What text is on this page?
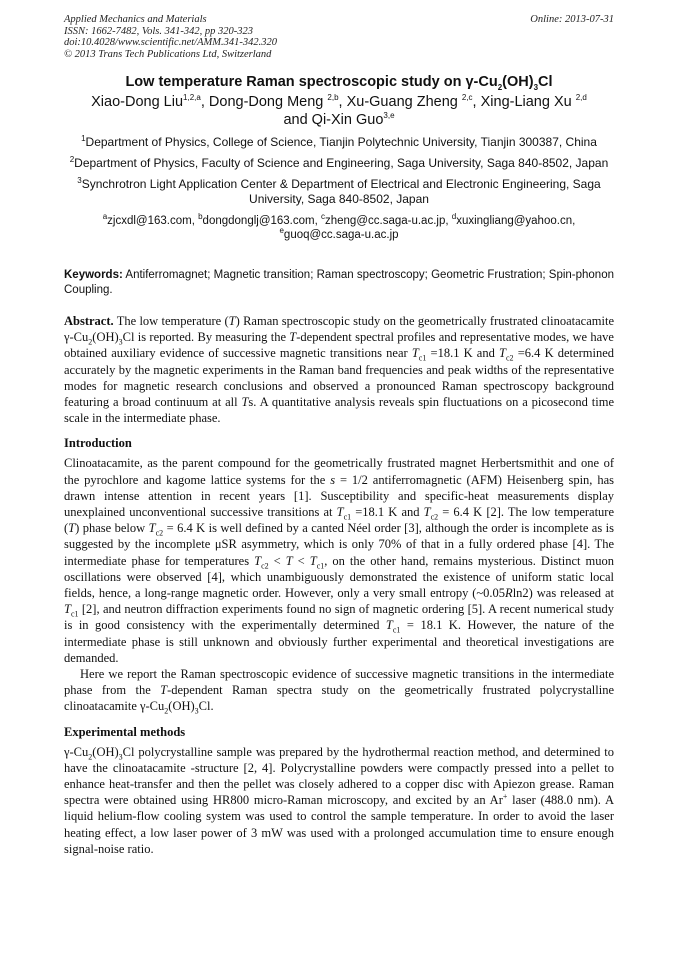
Applied Mechanics and Materials
ISSN: 1662-7482, Vols. 341-342, pp 320-323
doi:10.4028/www.scientific.net/AMM.341-342.320
© 2013 Trans Tech Publications Ltd, Switzerland
Online: 2013-07-31
Low temperature Raman spectroscopic study on $\gamma-Cu_2(OH)_3Cl$
Xiao-Dong Liu$^{1,2,a}$, Dong-Dong Meng $^{2,b}$, Xu-Guang Zheng $^{2,c}$, Xing-Liang Xu $^{2,d}$
and Qi-Xin Guo$^{3,e}$
$^1$Department of Physics, College of Science, Tianjin Polytechnic University, Tianjin 300387, China
$^2$Department of Physics, Faculty of Science and Engineering, Saga University, Saga 840-8502, Japan
$^3$Synchrotron Light Application Center & Department of Electrical and Electronic Engineering, Saga University, Saga 840-8502, Japan
$^a$zjcxdl@163.com, $^b$dongdonglj@163.com, $^c$zheng@cc.saga-u.ac.jp, $^d$xuxingliang@yahoo.cn,
$^e$guoq@cc.saga-u.ac.jp
Keywords: Antiferromagnet; Magnetic transition; Raman spectroscopy; Geometric Frustration; Spin-phonon Coupling.
Abstract. The low temperature (T) Raman spectroscopic study on the geometrically frustrated clinoatacamite $\gamma-Cu_2(OH)_3Cl$ is reported. By measuring the T-dependent spectral profiles and representative modes, we have obtained auxiliary evidence of successive magnetic transitions near $T_{c1} =18.1$ K and $T_{c2} =6.4$ K determined accurately by the magnetic experiments in the Raman band frequencies and peak widths of the representative modes for magnetic research conclusions and observed a pronounced Raman spectroscopy background featuring a broad continuum at all Ts. A quantitative analysis reveals spin fluctuations on a picosecond time scale in the intermediate phase.
Introduction
Clinoatacamite, as the parent compound for the geometrically frustrated magnet Herbertsmithit and one of the pyrochlore and kagome lattice systems for the s = 1/2 antiferromagnetic (AFM) Heisenberg spin, has drawn intense attention in recent years [1]. Susceptibility and specific-heat measurements display unexplained unconventional successive transitions at $T_{c1} =18.1$ K and $T_{c2} = 6.4$ K [2]. The low temperature (T) phase below $T_{c2} = 6.4$ K is well defined by a canted Néel order [3], although the order is incomplete as is suggested by the incomplete μSR asymmetry, which is only 70% of that in a fully ordered phase [4]. The intermediate phase for temperatures $T_{c2} < T < T_{c1}$, on the other hand, remains mysterious. Distinct muon oscillations were observed [4], which unambiguously demonstrated the existence of uniform static local fields, hence, a long-range magnetic order. However, only a very small entropy (~0.05Rln2) was released at $T_{c1}$ [2], and neutron diffraction experiments found no sign of magnetic ordering [5]. A recent numerical study is in good consistency with the experimentally determined $T_{c1} = 18.1$ K. However, the nature of the intermediate phase is still unknown and obviously further experimental and theoretical investigations are demanded.
Here we report the Raman spectroscopic evidence of successive magnetic transitions in the intermediate phase from the T-dependent Raman spectra study on the geometrically frustrated polycrystalline clinoatacamite $\gamma-Cu_2(OH)_3Cl$.
Experimental methods
$\gamma-Cu_2(OH)_3Cl$ polycrystalline sample was prepared by the hydrothermal reaction method, and determined to have the clinoatacamite -structure [2, 4]. Polycrystalline powders were compactly pressed into a pellet to enhance heat-transfer and then the pellet was closely adhered to a copper disc with Apiezon grease. Raman spectra were obtained using HR800 micro-Raman microscopy, and excited by an Ar+ laser (488.0 nm). A liquid helium-flow cooling system was used to control the sample temperature. In order to avoid the laser heating effect, a low laser power of 3 mW was used with a prolonged accumulation time to ensure enough signal-noise ratio.
